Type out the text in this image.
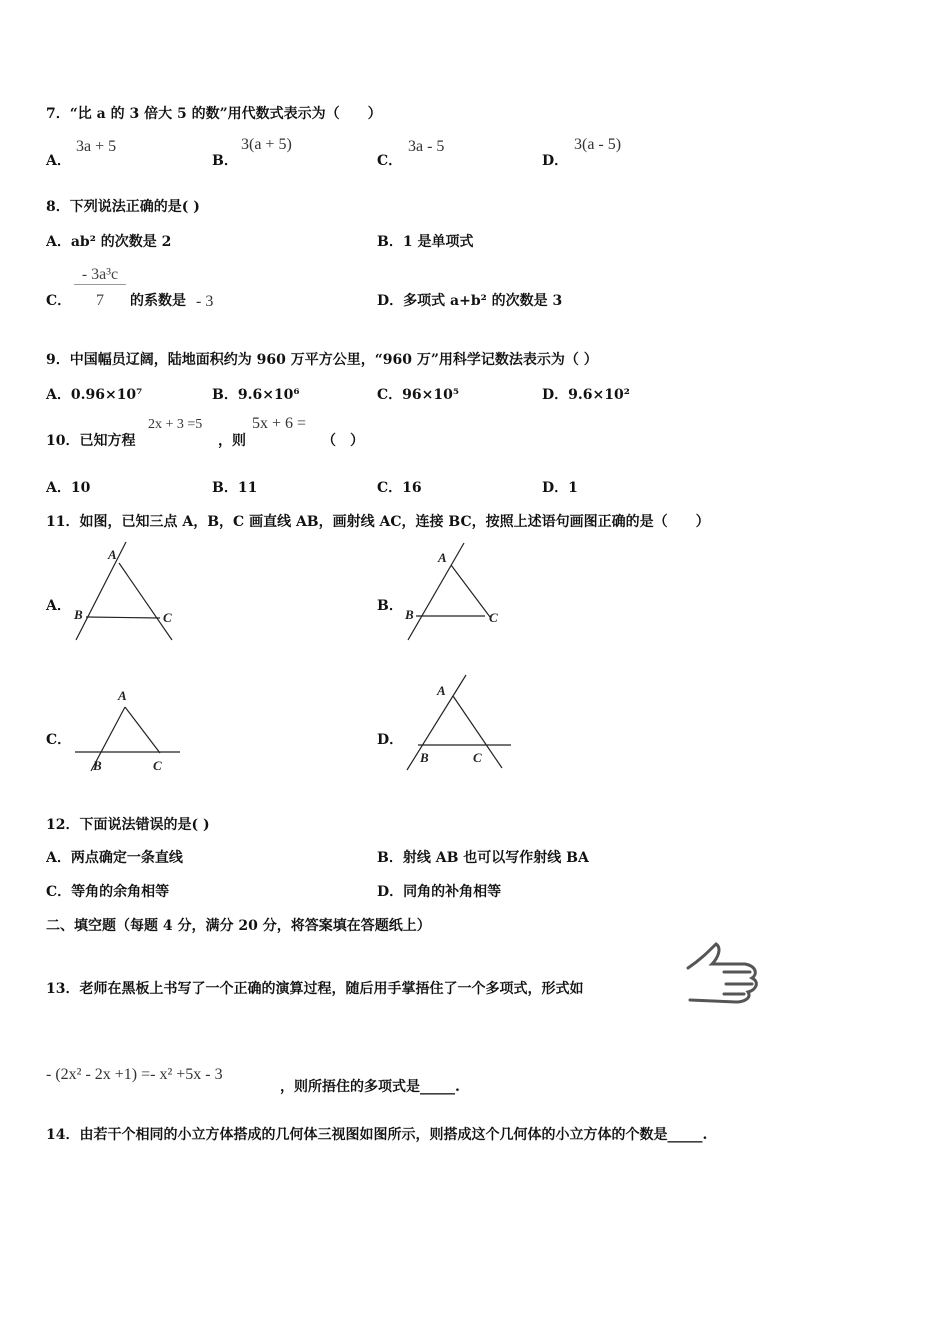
7．“比 a 的 3 倍大 5 的数”用代数式表示为（　　）
A．
3a + 5
B．
3(a + 5)
C．
3a - 5
D．
3(a - 5)
8．下列说法正确的是( )
A．ab² 的次数是 2	B．1 是单项式
C．
- 3a³c
7	的系数是 - 3	D．多项式 a+b² 的次数是 3
9．中国幅员辽阔，陆地面积约为 960 万平方公里，“960 万”用科学记数法表示为（ ）
A．0.96×10⁷	B．9.6×10⁶	C．96×10⁵	D．9.6×10²
10．已知方程
2x + 3 =5
，则
5x + 6 =
（　）
A．10	B．11	C．16	D．1
11．如图，已知三点 A，B，C 画直线 AB，画射线 AC，连接 BC，按照上述语句画图正确的是（　　）
A．	B．
C．	D．
A
B	C
A
B	C
A
B	C
A
B	C
12．下面说法错误的是( )
A．两点确定一条直线	B．射线 AB 也可以写作射线 BA
C．等角的余角相等	D．同角的补角相等
二、填空题（每题 4 分，满分 20 分，将答案填在答题纸上）
13．老师在黑板上书写了一个正确的演算过程，随后用手掌捂住了一个多项式，形式如
- (2x² - 2x +1) =- x² +5x - 3
，则所捂住的多项式是_____.
14．由若干个相同的小立方体搭成的几何体三视图如图所示，则搭成这个几何体的小立方体的个数是_____.
